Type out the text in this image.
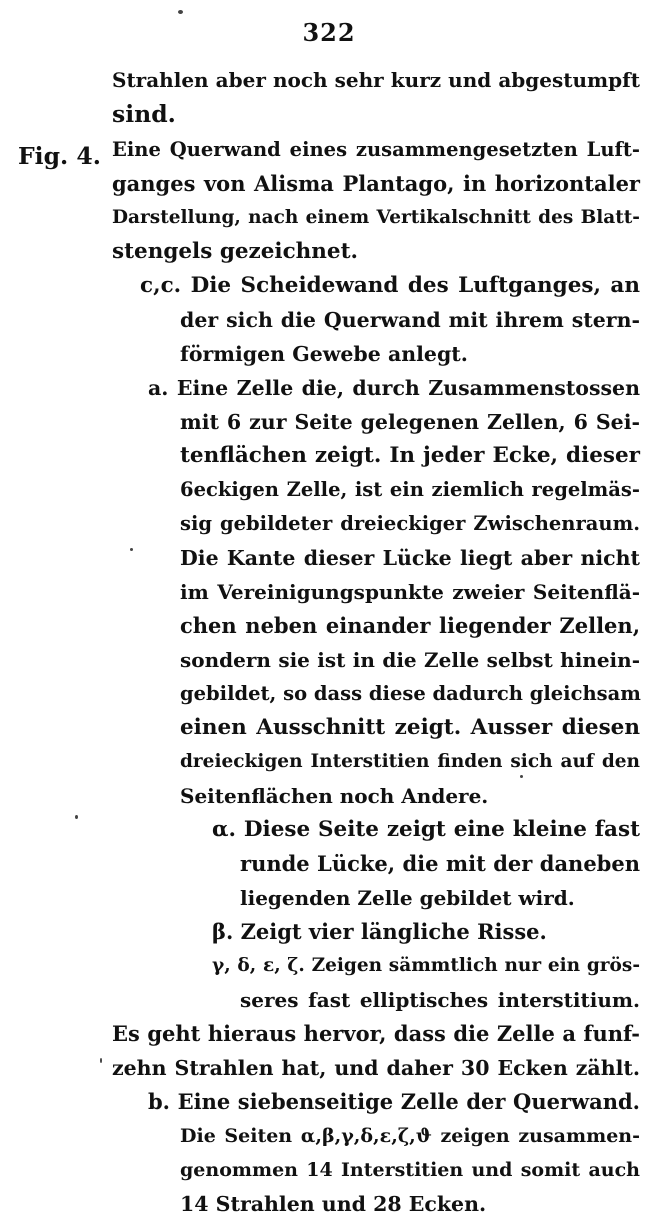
322
Fig. 4.
Strahlen aber noch sehr kurz und abgestumpft
sind.
Eine Querwand eines zusammengesetzten Luft-
ganges von Alisma Plantago, in horizontaler
Darstellung, nach einem Vertikalschnitt des Blatt-
stengels gezeichnet.
c,c. Die Scheidewand des Luftganges, an
der sich die Querwand mit ihrem stern-
förmigen Gewebe anlegt.
a. Eine Zelle die, durch Zusammenstossen
mit 6 zur Seite gelegenen Zellen, 6 Sei-
tenflächen zeigt. In jeder Ecke, dieser
6eckigen Zelle, ist ein ziemlich regelmäs-
sig gebildeter dreieckiger Zwischenraum.
Die Kante dieser Lücke liegt aber nicht
im Vereinigungspunkte zweier Seitenflä-
chen neben einander liegender Zellen,
sondern sie ist in die Zelle selbst hinein-
gebildet, so dass diese dadurch gleichsam
einen Ausschnitt zeigt. Ausser diesen
dreieckigen Interstitien finden sich auf den
Seitenflächen noch Andere.
α. Diese Seite zeigt eine kleine fast
runde Lücke, die mit der daneben
liegenden Zelle gebildet wird.
β. Zeigt vier längliche Risse.
γ, δ, ε, ζ. Zeigen sämmtlich nur ein grös-
seres fast elliptisches interstitium.
Es geht hieraus hervor, dass die Zelle a funf-
zehn Strahlen hat, und daher 30 Ecken zählt.
b. Eine siebenseitige Zelle der Querwand.
Die Seiten α,β,γ,δ,ε,ζ,ϑ zeigen zusammen-
genommen 14 Interstitien und somit auch
14 Strahlen und 28 Ecken.
